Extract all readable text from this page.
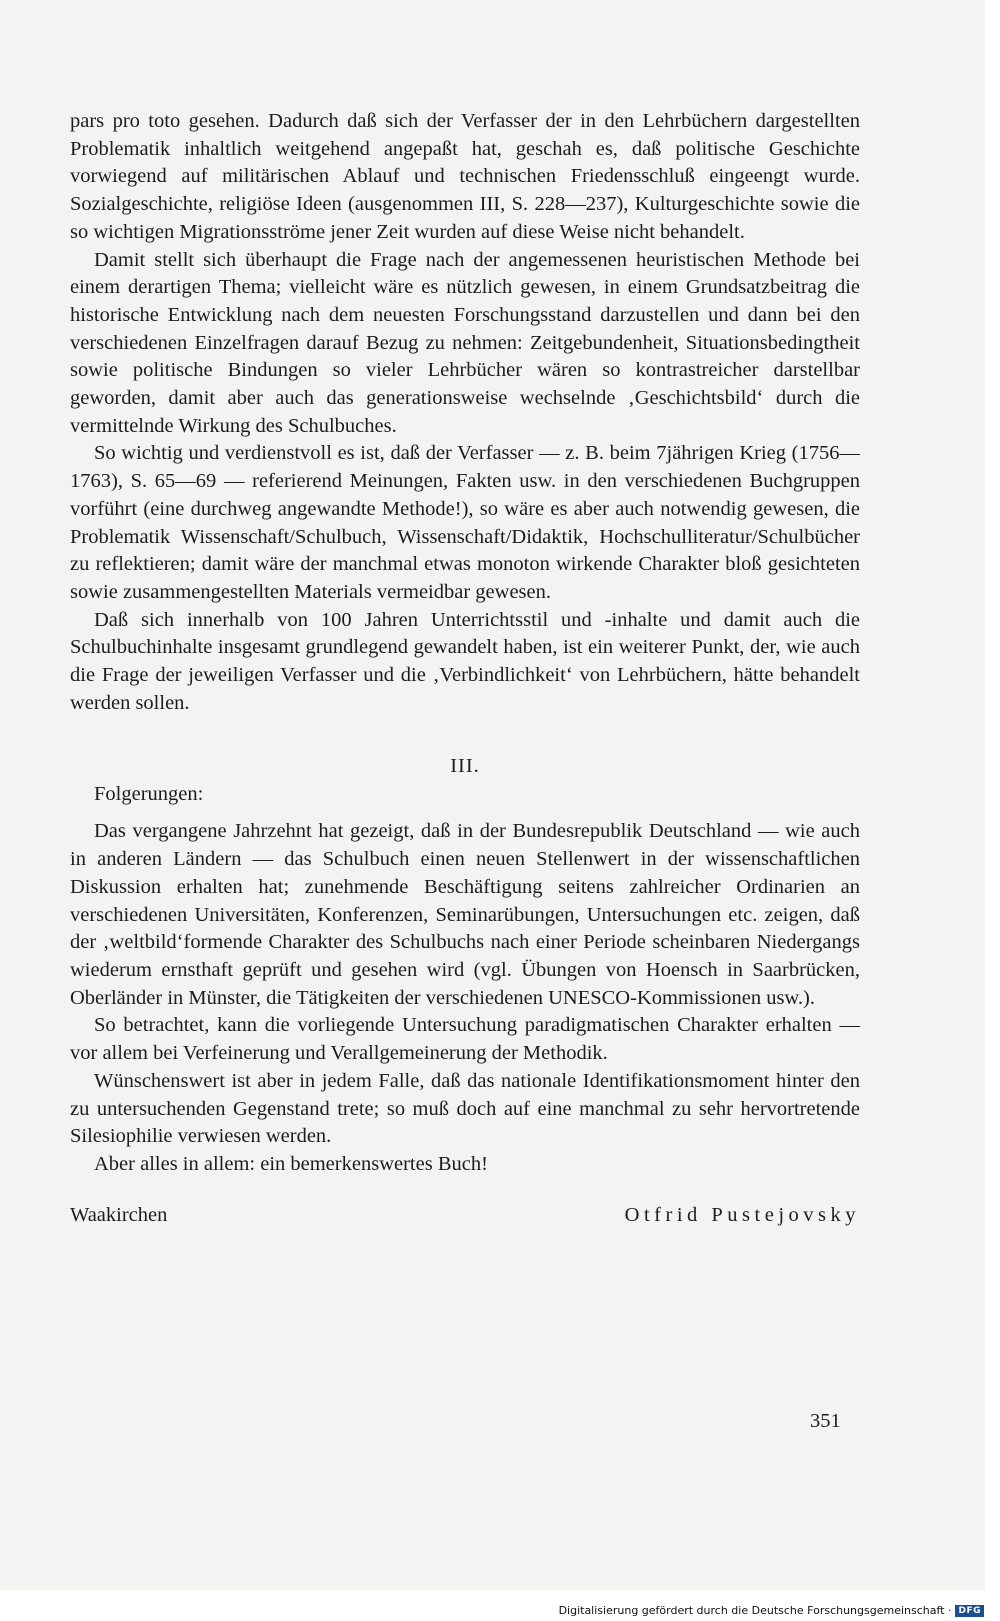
pars pro toto gesehen. Dadurch daß sich der Verfasser der in den Lehrbüchern dargestellten Problematik inhaltlich weitgehend angepaßt hat, geschah es, daß politische Geschichte vorwiegend auf militärischen Ablauf und technischen Friedensschluß eingeengt wurde. Sozialgeschichte, religiöse Ideen (ausgenommen III, S. 228—237), Kulturgeschichte sowie die so wichtigen Migrationsströme jener Zeit wurden auf diese Weise nicht behandelt.

Damit stellt sich überhaupt die Frage nach der angemessenen heuristischen Methode bei einem derartigen Thema; vielleicht wäre es nützlich gewesen, in einem Grundsatzbeitrag die historische Entwicklung nach dem neuesten Forschungsstand darzustellen und dann bei den verschiedenen Einzelfragen darauf Bezug zu nehmen: Zeitgebundenheit, Situationsbedingtheit sowie politische Bindungen so vieler Lehrbücher wären so kontrastreicher darstellbar geworden, damit aber auch das generationsweise wechselnde ‚Geschichtsbild‘ durch die vermittelnde Wirkung des Schulbuches.

So wichtig und verdienstvoll es ist, daß der Verfasser — z. B. beim 7jährigen Krieg (1756—1763), S. 65—69 — referierend Meinungen, Fakten usw. in den verschiedenen Buchgruppen vorführt (eine durchweg angewandte Methode!), so wäre es aber auch notwendig gewesen, die Problematik Wissenschaft/Schulbuch, Wissenschaft/Didaktik, Hochschulliteratur/Schulbücher zu reflektieren; damit wäre der manchmal etwas monoton wirkende Charakter bloß gesichteten sowie zusammengestellten Materials vermeidbar gewesen.

Daß sich innerhalb von 100 Jahren Unterrichtsstil und -inhalte und damit auch die Schulbuchinhalte insgesamt grundlegend gewandelt haben, ist ein weiterer Punkt, der, wie auch die Frage der jeweiligen Verfasser und die ‚Verbindlichkeit‘ von Lehrbüchern, hätte behandelt werden sollen.

III.
Folgerungen:

Das vergangene Jahrzehnt hat gezeigt, daß in der Bundesrepublik Deutschland — wie auch in anderen Ländern — das Schulbuch einen neuen Stellenwert in der wissenschaftlichen Diskussion erhalten hat; zunehmende Beschäftigung seitens zahlreicher Ordinarien an verschiedenen Universitäten, Konferenzen, Seminarübungen, Untersuchungen etc. zeigen, daß der ‚weltbild‘formende Charakter des Schulbuchs nach einer Periode scheinbaren Niedergangs wiederum ernsthaft geprüft und gesehen wird (vgl. Übungen von Hoensch in Saarbrücken, Oberländer in Münster, die Tätigkeiten der verschiedenen UNESCO-Kommissionen usw.).

So betrachtet, kann die vorliegende Untersuchung paradigmatischen Charakter erhalten — vor allem bei Verfeinerung und Verallgemeinerung der Methodik.

Wünschenswert ist aber in jedem Falle, daß das nationale Identifikationsmoment hinter den zu untersuchenden Gegenstand trete; so muß doch auf eine manchmal zu sehr hervortretende Silesiophilie verwiesen werden.

Aber alles in allem: ein bemerkenswertes Buch!

Waakirchen	Otfrid Pustejovsky
351
Digitalisierung gefördert durch die Deutsche Forschungsgemeinschaft · DFG
